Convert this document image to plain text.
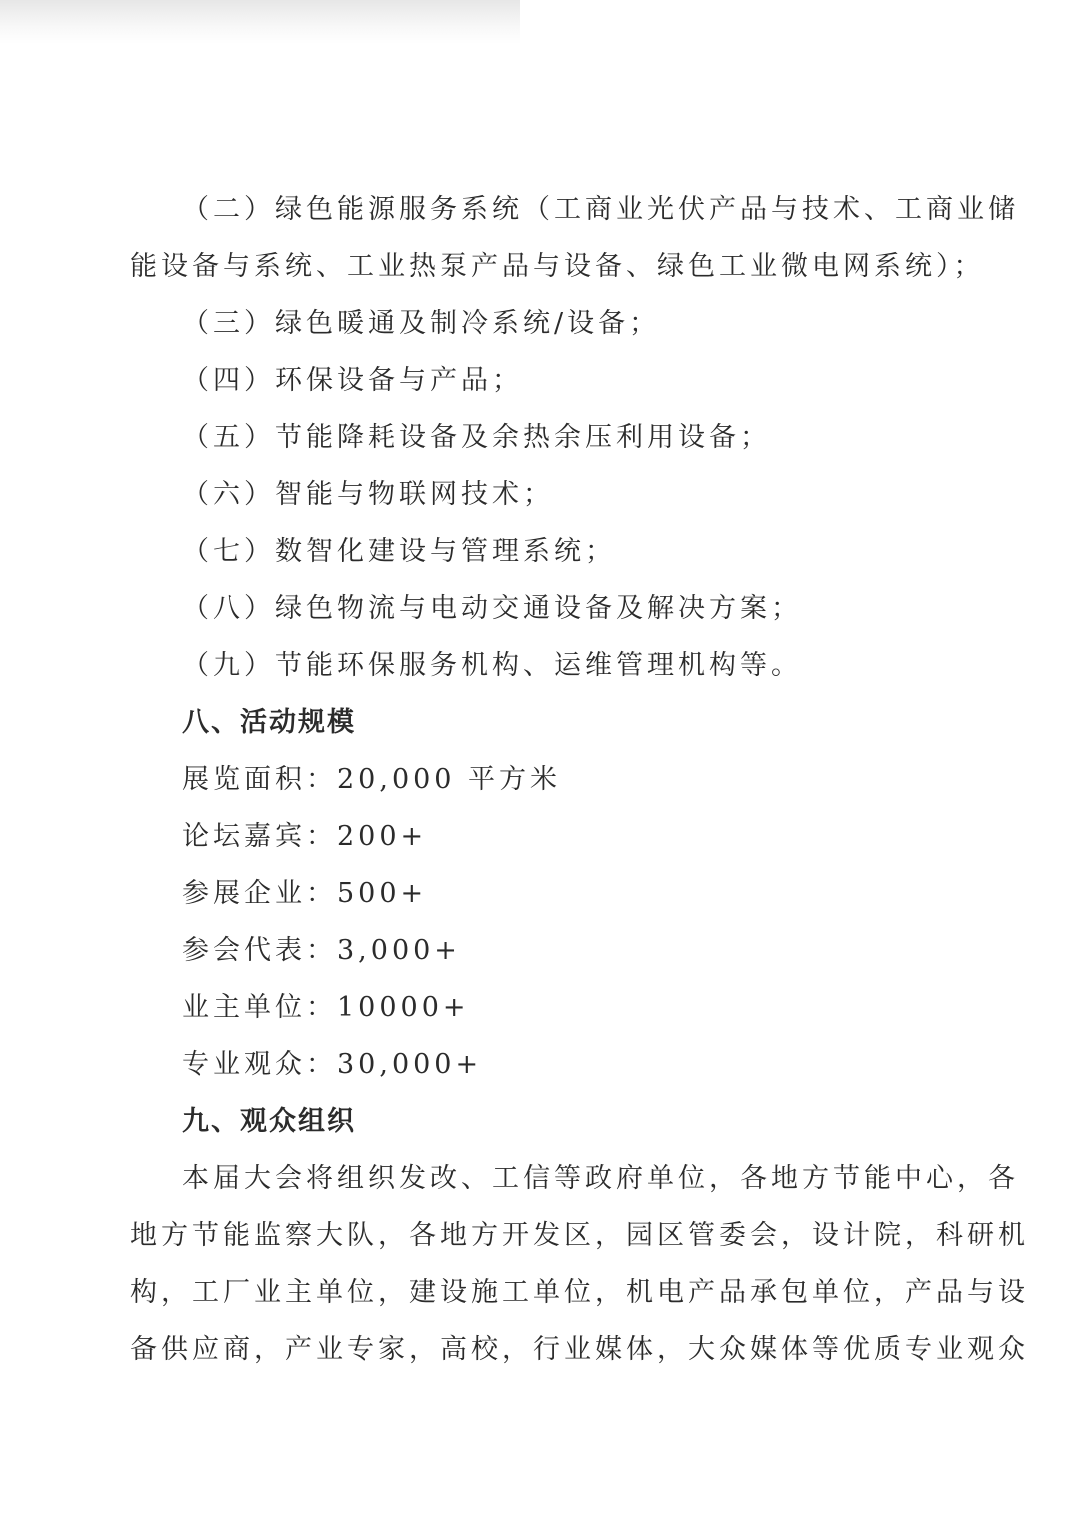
（二）绿色能源服务系统（工商业光伏产品与技术、工商业储
能设备与系统、工业热泵产品与设备、绿色工业微电网系统）；
（三）绿色暖通及制冷系统/设备；
（四）环保设备与产品；
（五）节能降耗设备及余热余压利用设备；
（六）智能与物联网技术；
（七）数智化建设与管理系统；
（八）绿色物流与电动交通设备及解决方案；
（九）节能环保服务机构、运维管理机构等。
八、活动规模
展览面积：20,000 平方米
论坛嘉宾：200+
参展企业：500+
参会代表：3,000+
业主单位：10000+
专业观众：30,000+
九、观众组织
本届大会将组织发改、工信等政府单位，各地方节能中心，各
地方节能监察大队，各地方开发区，园区管委会，设计院，科研机
构，工厂业主单位，建设施工单位，机电产品承包单位，产品与设
备供应商，产业专家，高校，行业媒体，大众媒体等优质专业观众
